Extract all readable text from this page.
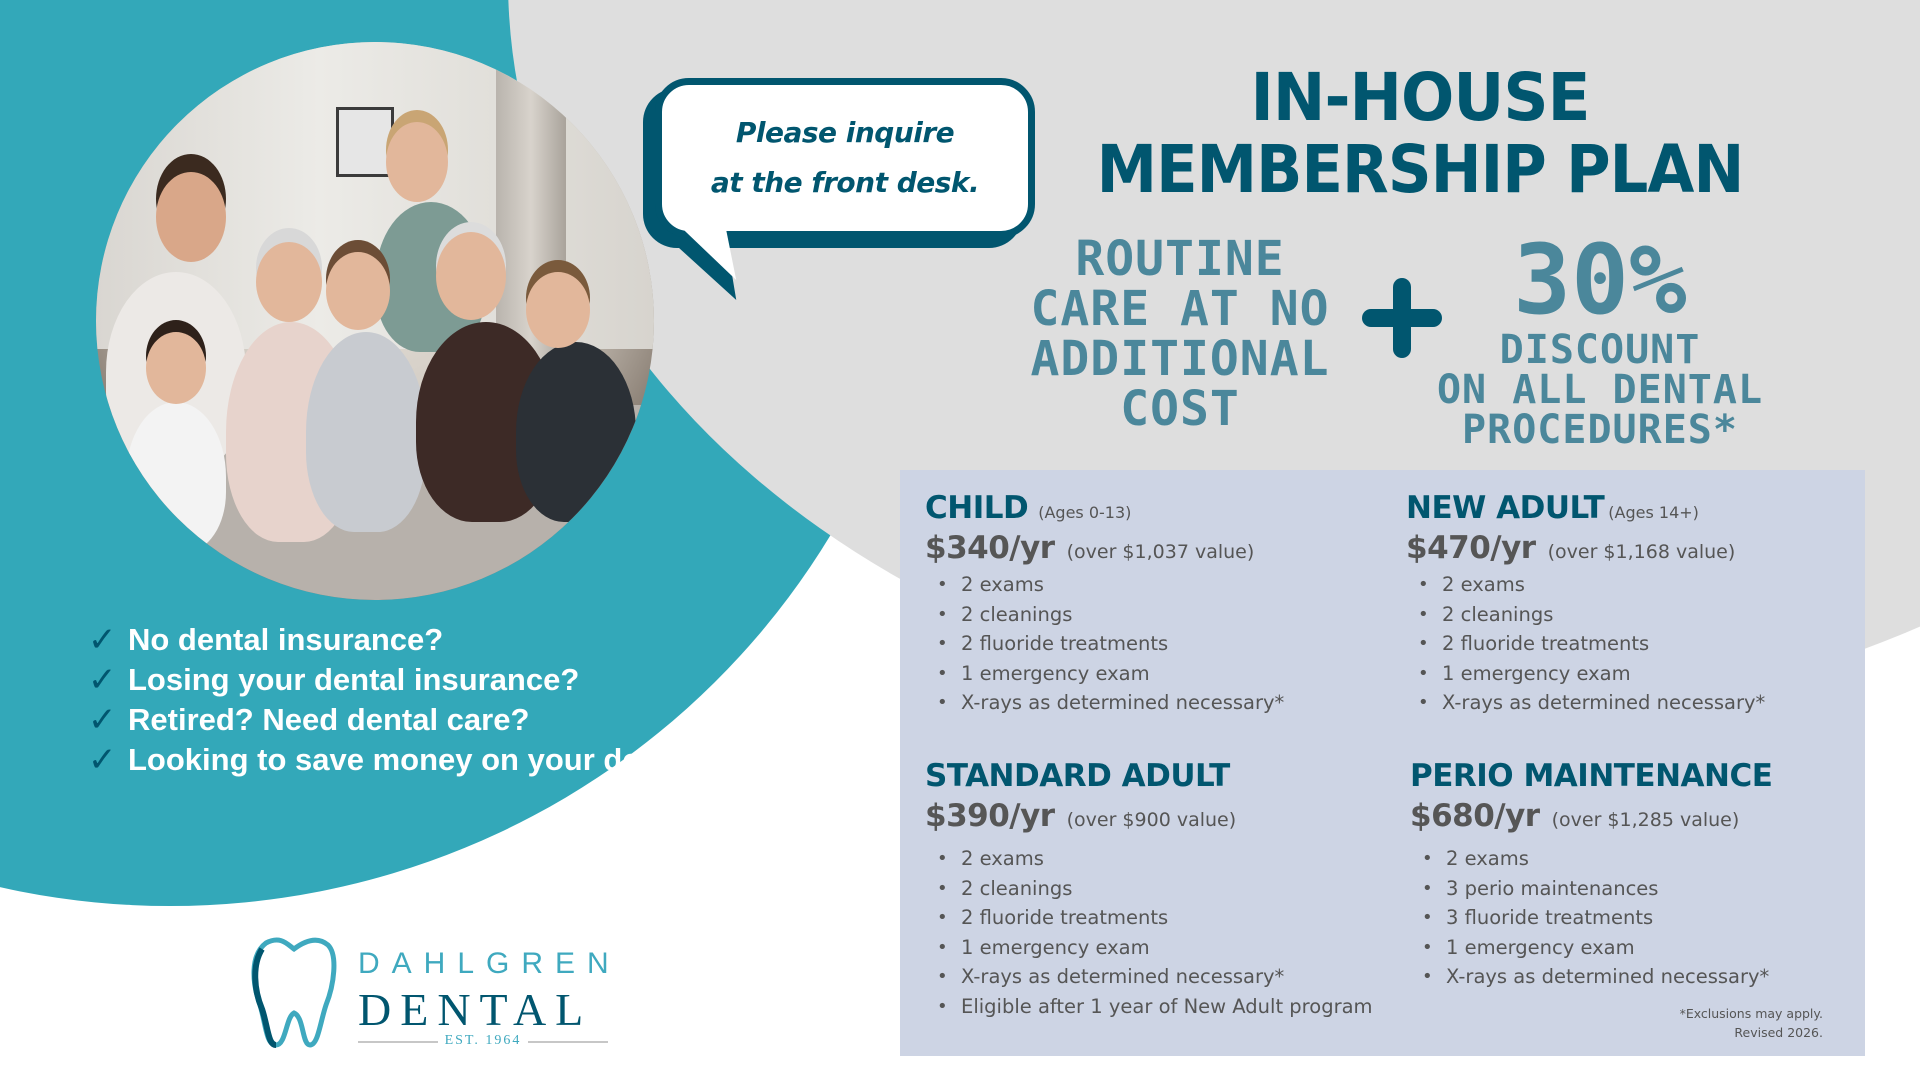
Please inquire
at the front desk.
IN-HOUSE
MEMBERSHIP PLAN
ROUTINE
CARE AT NO
ADDITIONAL
COST
30%
DISCOUNT
ON ALL DENTAL
PROCEDURES*
✓ No dental insurance?
✓ Losing your dental insurance?
✓ Retired? Need dental care?
✓ Looking to save money on your dental care?
DAHLGREN
DENTAL
EST. 1964
CHILD (Ages 0-13)
$340/yr (over $1,037 value)
• 2 exams
• 2 cleanings
• 2 fluoride treatments
• 1 emergency exam
• X-rays as determined necessary*
NEW ADULT (Ages 14+)
$470/yr (over $1,168 value)
• 2 exams
• 2 cleanings
• 2 fluoride treatments
• 1 emergency exam
• X-rays as determined necessary*
STANDARD ADULT
$390/yr (over $900 value)
• 2 exams
• 2 cleanings
• 2 fluoride treatments
• 1 emergency exam
• X-rays as determined necessary*
• Eligible after 1 year of New Adult program
PERIO MAINTENANCE
$680/yr (over $1,285 value)
• 2 exams
• 3 perio maintenances
• 3 fluoride treatments
• 1 emergency exam
• X-rays as determined necessary*
*Exclusions may apply.
Revised 2026.
